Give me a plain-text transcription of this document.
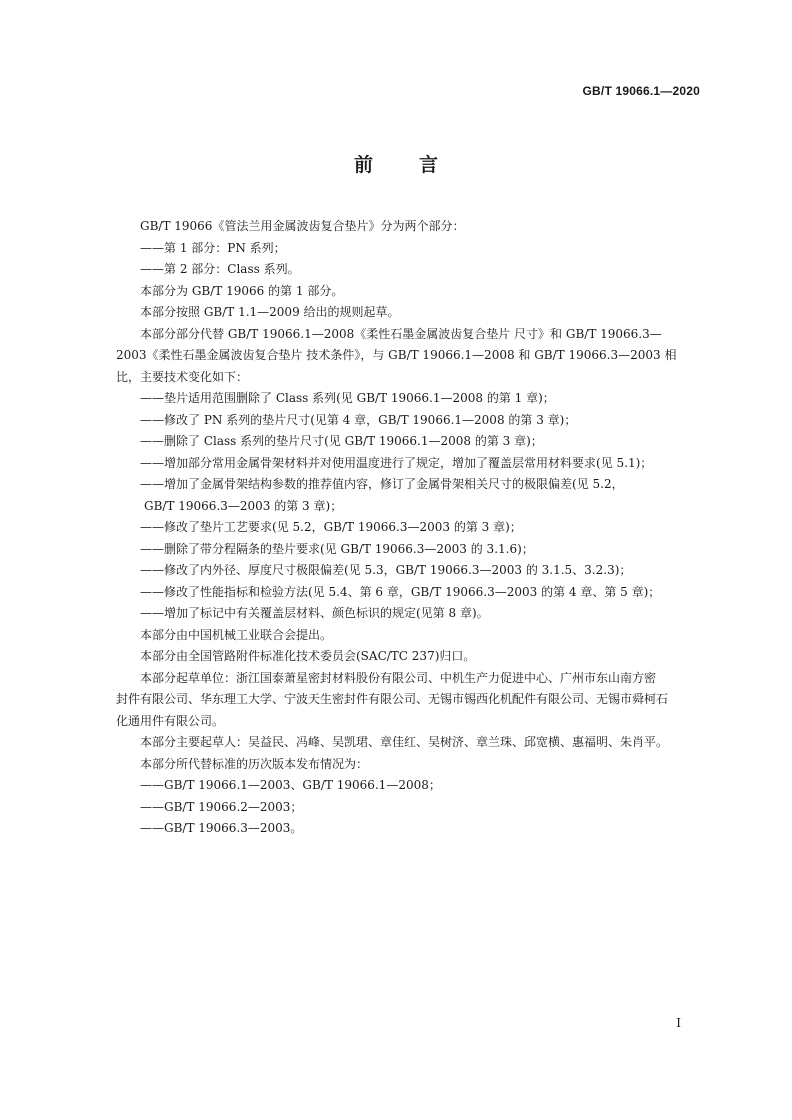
GB/T 19066.1—2020
前 言

GB/T 19066《管法兰用金属波齿复合垫片》分为两个部分：

——第 1 部分：PN 系列；

——第 2 部分：Class 系列。

本部分为 GB/T 19066 的第 1 部分。

本部分按照 GB/T 1.1—2009 给出的规则起草。

本部分部分代替 GB/T 19066.1—2008《柔性石墨金属波齿复合垫片 尺寸》和 GB/T 19066.3—
2003《柔性石墨金属波齿复合垫片 技术条件》，与 GB/T 19066.1—2008 和 GB/T 19066.3—2003 相
比，主要技术变化如下：

——垫片适用范围删除了 Class 系列(见 GB/T 19066.1—2008 的第 1 章)；

——修改了 PN 系列的垫片尺寸(见第 4 章，GB/T 19066.1—2008 的第 3 章)；

——删除了 Class 系列的垫片尺寸(见 GB/T 19066.1—2008 的第 3 章)；

——增加部分常用金属骨架材料并对使用温度进行了规定，增加了覆盖层常用材料要求(见 5.1)；

——增加了金属骨架结构参数的推荐值内容，修订了金属骨架相关尺寸的极限偏差(见 5.2，

GB/T 19066.3—2003 的第 3 章)；

——修改了垫片工艺要求(见 5.2，GB/T 19066.3—2003 的第 3 章)；

——删除了带分程隔条的垫片要求(见 GB/T 19066.3—2003 的 3.1.6)；

——修改了内外径、厚度尺寸极限偏差(见 5.3，GB/T 19066.3—2003 的 3.1.5、3.2.3)；

——修改了性能指标和检验方法(见 5.4、第 6 章，GB/T 19066.3—2003 的第 4 章、第 5 章)；

——增加了标记中有关覆盖层材料、颜色标识的规定(见第 8 章)。

本部分由中国机械工业联合会提出。

本部分由全国管路附件标准化技术委员会(SAC/TC 237)归口。

本部分起草单位：浙江国泰萧星密封材料股份有限公司、中机生产力促进中心、广州市东山南方密
封件有限公司、华东理工大学、宁波天生密封件有限公司、无锡市锡西化机配件有限公司、无锡市舜柯石
化通用件有限公司。

本部分主要起草人：吴益民、冯峰、吴凯珺、章佳红、吴树济、章兰珠、邱宽横、惠福明、朱肖平。

本部分所代替标准的历次版本发布情况为：

——GB/T 19066.1—2003、GB/T 19066.1—2008；

——GB/T 19066.2—2003；

——GB/T 19066.3—2003。

I
